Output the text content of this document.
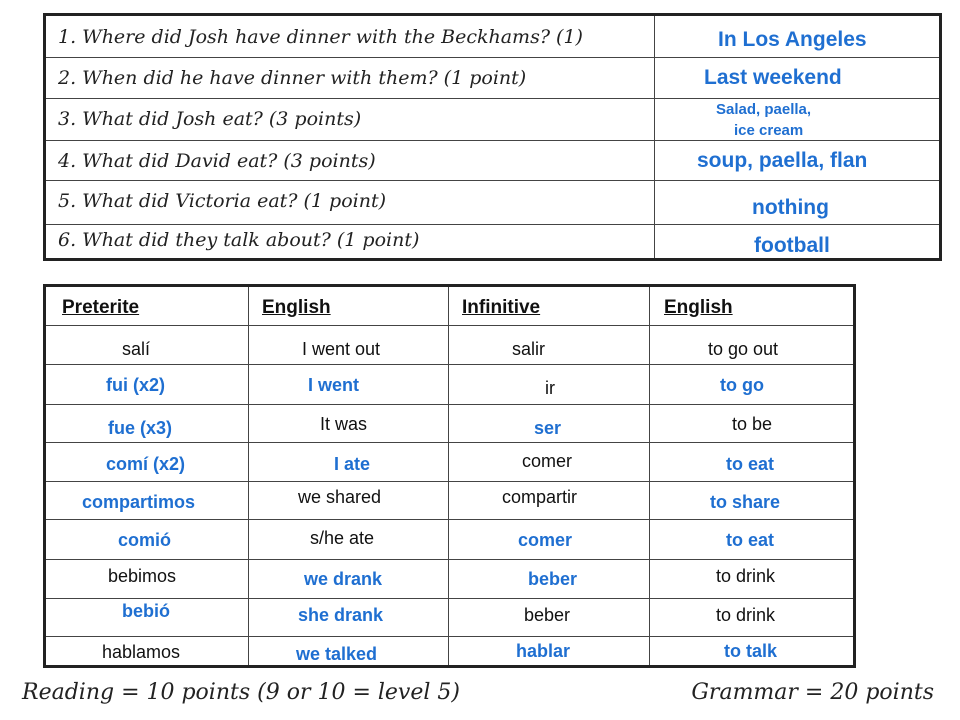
1. Where did Josh have dinner with the Beckhams? (1)	In Los Angeles
2. When did he have dinner with them? (1 point)	Last weekend
3. What did Josh eat? (3 points)	Salad, paella,
ice cream
4. What did David eat? (3 points)	soup, paella, flan
5. What did Victoria eat? (1 point)	nothing
6. What did they talk about? (1 point)	football
Preterite	English	Infinitive	English
salí	I went out	salir	to go out
fui (x2)	I went	ir	to go
fue (x3)	It was	ser	to be
comí (x2)	I ate	comer	to eat
compartimos	we shared	compartir	to share
comió	s/he ate	comer	to eat
bebimos	we drank	beber	to drink
bebió	she drank	beber	to drink
hablamos	we talked	hablar	to talk
Reading = 10 points (9 or 10 = level 5)	Grammar = 20 points
